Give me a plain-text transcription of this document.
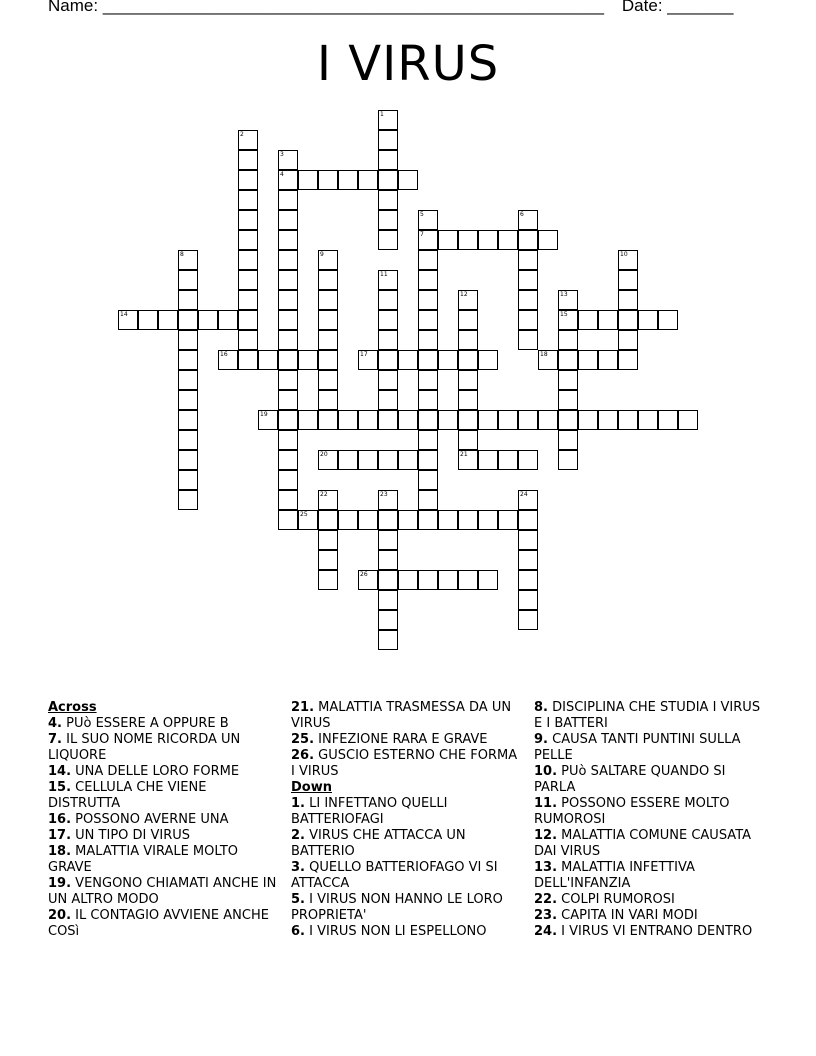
Name: _____________________________________________________ Date: _______
I VIRUS
1
2
3
4
5
7
6
8	9	10
11
12	13
15
14
16	17	18
19
20	21
22	23	24
25
26
Across
4. PUò ESSERE A OPPURE B
7. IL SUO NOME RICORDA UN LIQUORE
14. UNA DELLE LORO FORME
15. CELLULA CHE VIENE DISTRUTTA
16. POSSONO AVERNE UNA
17. UN TIPO DI VIRUS
18. MALATTIA VIRALE MOLTO GRAVE
19. VENGONO CHIAMATI ANCHE IN UN ALTRO MODO
20. IL CONTAGIO AVVIENE ANCHE COSì
21. MALATTIA TRASMESSA DA UN VIRUS
25. INFEZIONE RARA E GRAVE
26. GUSCIO ESTERNO CHE FORMA I VIRUS
Down
1. LI INFETTANO QUELLI BATTERIOFAGI
2. VIRUS CHE ATTACCA UN BATTERIO
3. QUELLO BATTERIOFAGO VI SI ATTACCA
5. I VIRUS NON HANNO LE LORO PROPRIETA'
6. I VIRUS NON LI ESPELLONO
8. DISCIPLINA CHE STUDIA I VIRUS E I BATTERI
9. CAUSA TANTI PUNTINI SULLA PELLE
10. PUò SALTARE QUANDO SI PARLA
11. POSSONO ESSERE MOLTO RUMOROSI
12. MALATTIA COMUNE CAUSATA DAI VIRUS
13. MALATTIA INFETTIVA DELL'INFANZIA
22. COLPI RUMOROSI
23. CAPITA IN VARI MODI
24. I VIRUS VI ENTRANO DENTRO
